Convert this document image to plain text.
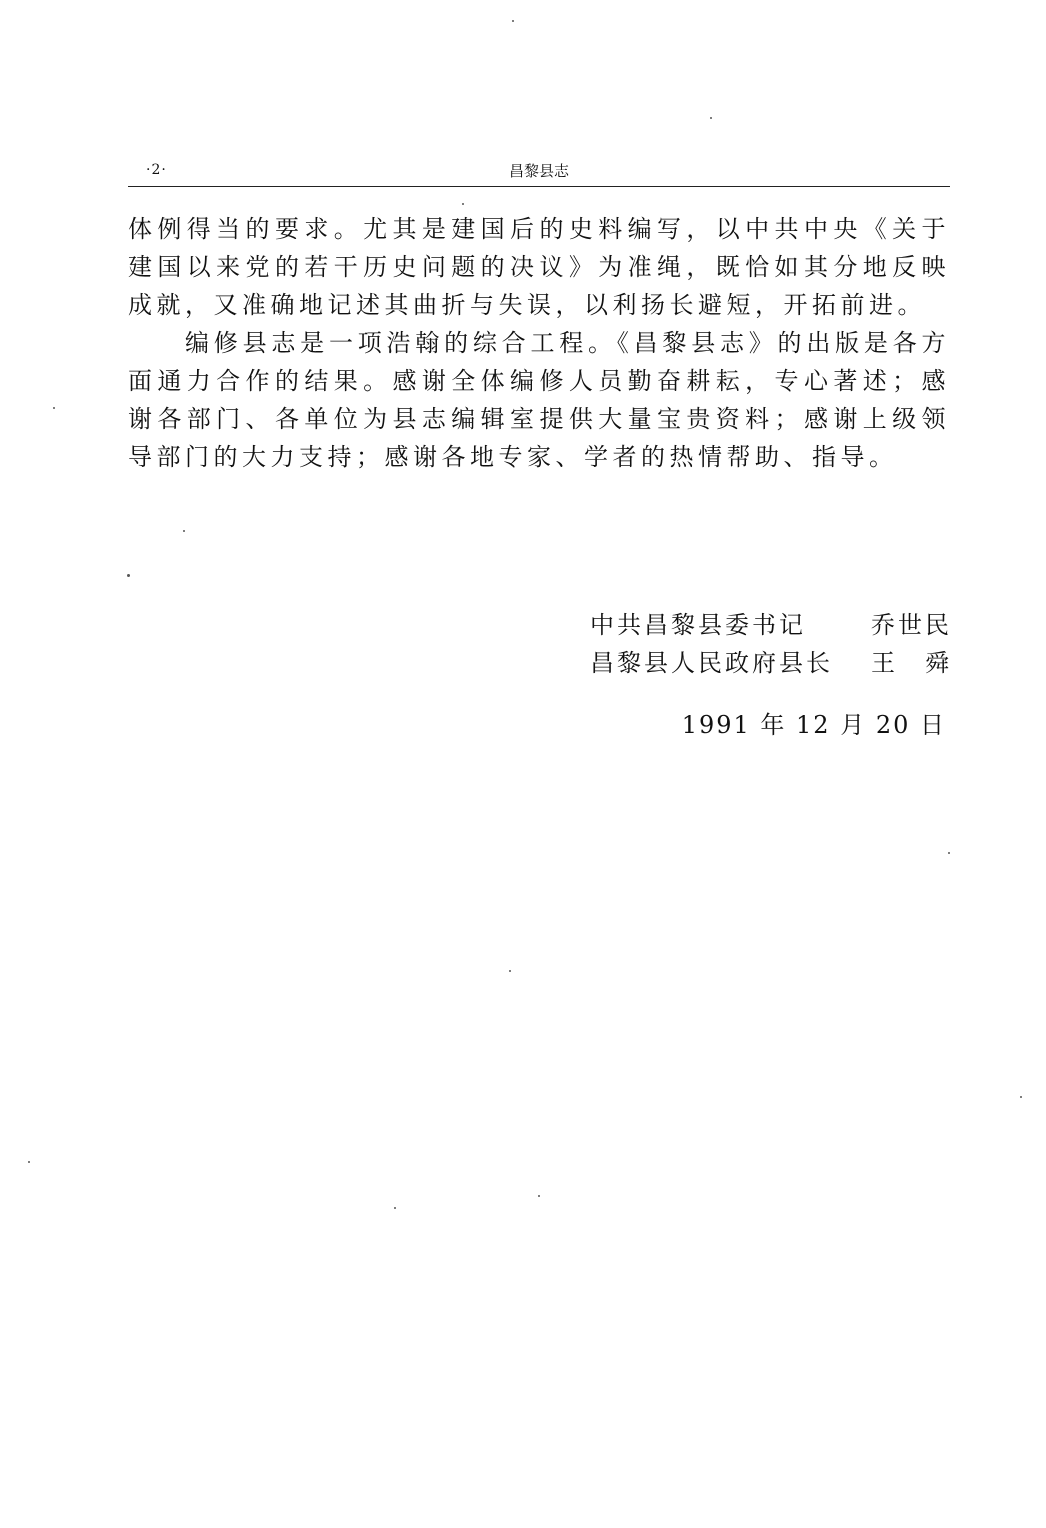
·2·	昌黎县志

体例得当的要求。尤其是建国后的史料编写，以中共中央《关于建国以来党的若干历史问题的决议》为准绳，既恰如其分地反映成就，又准确地记述其曲折与失误，以利扬长避短，开拓前进。

编修县志是一项浩翰的综合工程。《昌黎县志》的出版是各方面通力合作的结果。感谢全体编修人员勤奋耕耘，专心著述；感谢各部门、各单位为县志编辑室提供大量宝贵资料；感谢上级领导部门的大力支持；感谢各地专家、学者的热情帮助、指导。

中共昌黎县委书记	乔世民
昌黎县人民政府县长 王　舜
1991 年 12 月 20 日
